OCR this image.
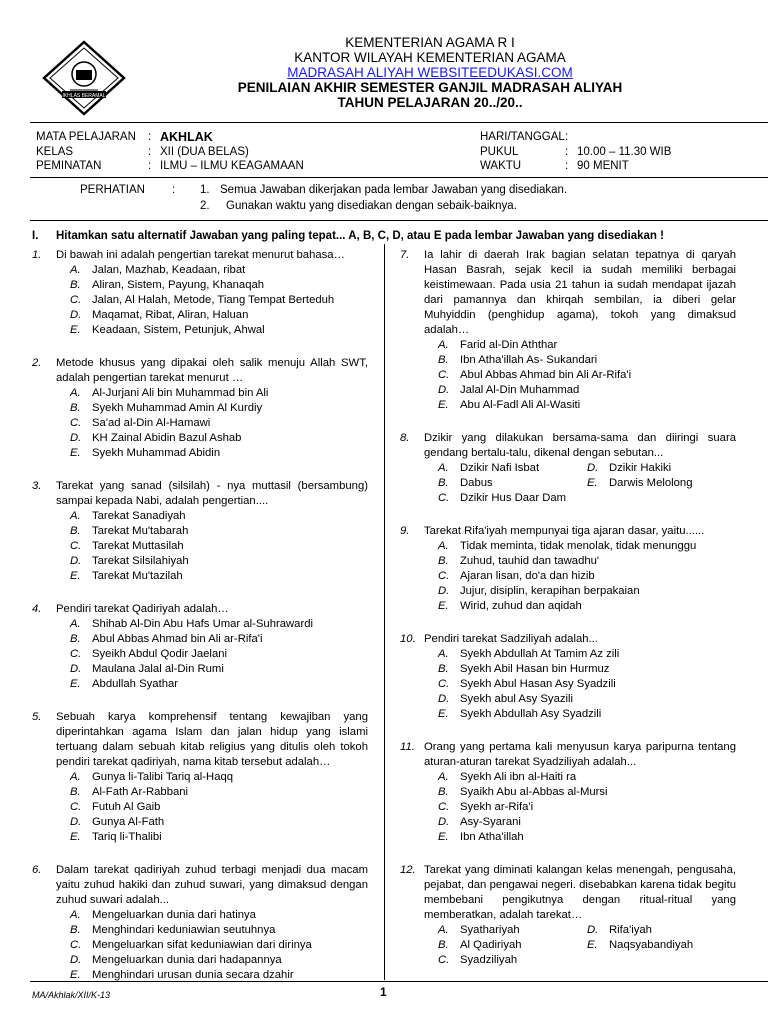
IKHLAS BERAMAL
KEMENTERIAN AGAMA R I
KANTOR WILAYAH KEMENTERIAN AGAMA
MADRASAH ALIYAH WEBSITEEDUKASI.COM
PENILAIAN AKHIR SEMESTER GANJIL MADRASAH ALIYAH
TAHUN PELAJARAN 20../20..
MATA PELAJARAN	: AKHLAK
KELAS	: XII (DUA BELAS)
PEMINATAN	: ILMU – ILMU KEAGAMAAN
HARI/TANGGAL :
PUKUL	: 10.00 – 11.30 WIB
WAKTU	: 90 MENIT
PERHATIAN	:	1. Semua Jawaban dikerjakan pada lembar Jawaban yang disediakan.
2.	Gunakan waktu yang disediakan dengan sebaik-baiknya.
I. Hitamkan satu alternatif Jawaban yang paling tepat... A, B, C, D, atau E pada lembar Jawaban yang disediakan !
1.	Di bawah ini adalah pengertian tarekat menurut bahasa…
A.	Jalan, Mazhab, Keadaan, ribat
B.	Aliran, Sistem, Payung, Khanaqah
C. Jalan, Al Halah, Metode, Tiang Tempat Berteduh
D. Maqamat, Ribat, Aliran, Haluan
E.	Keadaan, Sistem, Petunjuk, Ahwal
2.	Metode khusus yang dipakai oleh salik menuju Allah SWT, adalah pengertian tarekat menurut …
A.	Al-Jurjani Ali bin Muhammad bin Ali
B.	Syekh Muhammad Amin Al Kurdiy
C. Sa'ad al-Din Al-Hamawi
D. KH Zainal Abidin Bazul Ashab
E.	Syekh Muhammad Abidin
3.	Tarekat yang sanad (silsilah) - nya muttasil (bersambung) sampai kepada Nabi, adalah pengertian....
A.	Tarekat Sanadiyah
B.	Tarekat Mu'tabarah
C. Tarekat Muttasilah
D. Tarekat Silsilahiyah
E.	Tarekat Mu'tazilah
4.	Pendiri tarekat Qadiriyah adalah…
A.	Shihab Al-Din Abu Hafs Umar al-Suhrawardi
B.	Abul Abbas Ahmad bin Ali ar-Rifa'i
C. Syeikh Abdul Qodir Jaelani
D. Maulana Jalal al-Din Rumi
E.	Abdullah Syathar
5.	Sebuah karya komprehensif tentang kewajiban yang diperintahkan agama Islam dan jalan hidup yang islami tertuang dalam sebuah kitab religius yang ditulis oleh tokoh pendiri tarekat qadiriyah, nama kitab tersebut adalah…
A.	Gunya li-Talibi Tariq al-Haqq
B.	Al-Fath Ar-Rabbani
C. Futuh Al Gaib
D. Gunya Al-Fath
E.	Tariq li-Thalibi
6.	Dalam tarekat qadiriyah zuhud terbagi menjadi dua macam yaitu zuhud hakiki dan zuhud suwari, yang dimaksud dengan zuhud suwari adalah...
A.	Mengeluarkan dunia dari hatinya
B.	Menghindari keduniawian seutuhnya
C. Mengeluarkan sifat keduniawian dari dirinya
D. Mengeluarkan dunia dari hadapannya
E.	Menghindari urusan dunia secara dzahir
7.	Ia lahir di daerah Irak bagian selatan tepatnya di qaryah Hasan Basrah, sejak kecil ia sudah memiliki berbagai keistimewaan. Pada usia 21 tahun ia sudah mendapat ijazah dari pamannya dan khirqah sembilan, ia diberi gelar Muhyiddin (penghidup agama), tokoh yang dimaksud adalah…
A.	Farid al-Din Aththar
B.	Ibn Atha'illah As- Sukandari
C. Abul Abbas Ahmad bin Ali Ar-Rifa'i
D. Jalal Al-Din Muhammad
E.	Abu Al-Fadl Ali Al-Wasiti
8.	Dzikir yang dilakukan bersama-sama dan diiringi suara gendang bertalu-talu, dikenal dengan sebutan...
A.	Dzikir Nafi Isbat	D. Dzikir Hakiki
B.	Dabus	E.	Darwis Melolong
C. Dzikir Hus Daar Dam
9.	Tarekat Rifa'iyah mempunyai tiga ajaran dasar, yaitu......
A.	Tidak meminta, tidak menolak, tidak menunggu
B.	Zuhud, tauhid dan tawadhu'
C. Ajaran lisan, do'a dan hizib
D. Jujur, disiplin, kerapihan berpakaian
E.	Wirid, zuhud dan aqidah
10. Pendiri tarekat Sadziliyah adalah...
A.	Syekh Abdullah At Tamim Az zili
B.	Syekh Abil Hasan bin Hurmuz
C. Syekh Abul Hasan Asy Syadzili
D. Syekh abul Asy Syazili
E.	Syekh Abdullah Asy Syadzili
11. Orang yang pertama kali menyusun karya paripurna tentang aturan-aturan tarekat Syadziliyah adalah...
A.	Syekh Ali ibn al-Haiti ra
B.	Syaikh Abu al-Abbas al-Mursi
C. Syekh ar-Rifa'i
D. Asy-Syarani
E.	Ibn Atha'illah
12. Tarekat yang diminati kalangan kelas menengah, pengusaha, pejabat, dan pengawai negeri. disebabkan karena tidak begitu membebani pengikutnya dengan ritual-ritual yang memberatkan, adalah tarekat…
A.	Syathariyah	D. Rifa'iyah
B.	Al Qadiriyah	E.	Naqsyabandiyah
C. Syadziliyah
MA/Akhlak/XII/K-13	1
